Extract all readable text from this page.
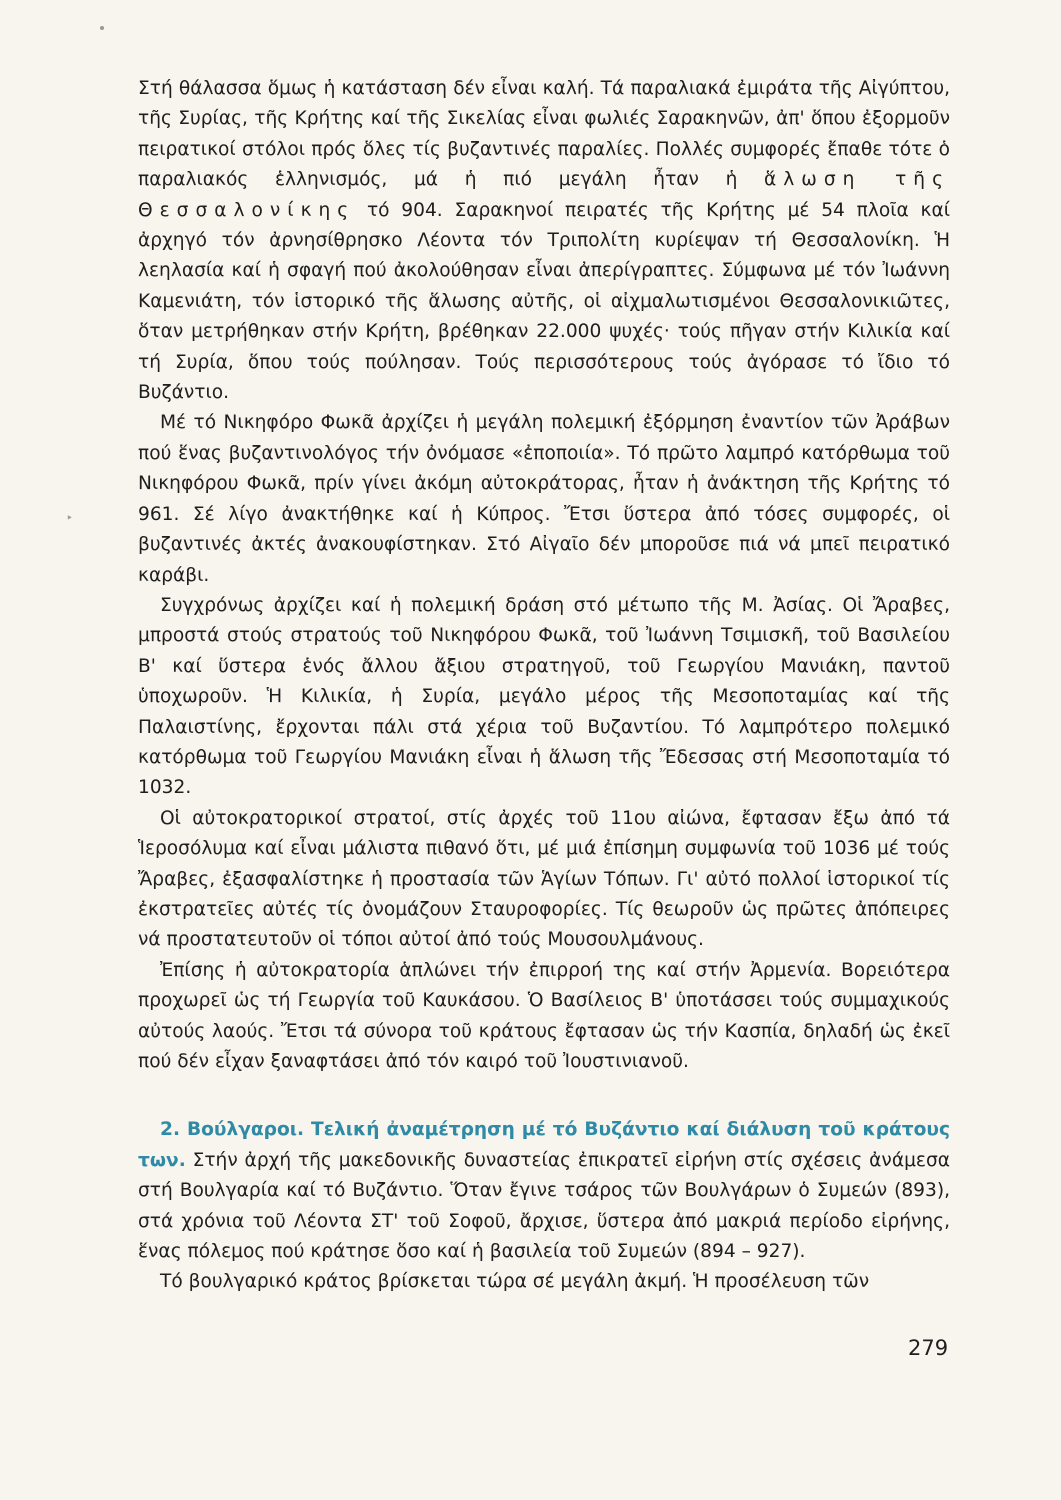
‣

Στή θάλασσα ὅμως ἡ κατάσταση δέν εἶναι καλή. Τά παραλιακά ἐμιράτα τῆς Αἰγύπτου, τῆς Συρίας, τῆς Κρήτης καί τῆς Σικελίας εἶναι φωλιές Σαρακηνῶν, ἀπ' ὅπου ἐξορμοῦν πειρατικοί στόλοι πρός ὅλες τίς βυζαντινές παραλίες. Πολλές συμφορές ἔπαθε τότε ὁ παραλιακός ἑλληνισμός, μά ἡ πιό μεγάλη ἦταν ἡ ἅλωση τῆς Θεσσαλονίκης τό 904. Σαρακηνοί πειρατές τῆς Κρήτης μέ 54 πλοῖα καί ἀρχηγό τόν ἀρνησίθρησκο Λέοντα τόν Τριπολίτη κυρίεψαν τή Θεσσαλονίκη. Ἡ λεηλασία καί ἡ σφαγή πού ἀκολούθησαν εἶναι ἀπερίγραπτες. Σύμφωνα μέ τόν Ἰωάννη Καμενιάτη, τόν ἱστορικό τῆς ἅλωσης αὐτῆς, οἱ αἰχμαλωτισμένοι Θεσσαλονικιῶτες, ὅταν μετρήθηκαν στήν Κρήτη, βρέθηκαν 22.000 ψυχές· τούς πῆγαν στήν Κιλικία καί τή Συρία, ὅπου τούς πούλησαν. Τούς περισσότερους τούς ἀγόρασε τό ἴδιο τό Βυζάντιο.

Μέ τό Νικηφόρο Φωκᾶ ἀρχίζει ἡ μεγάλη πολεμική ἐξόρμηση ἐναντίον τῶν Ἀράβων πού ἕνας βυζαντινολόγος τήν ὀνόμασε «ἐποποιία». Τό πρῶτο λαμπρό κατόρθωμα τοῦ Νικηφόρου Φωκᾶ, πρίν γίνει ἀκόμη αὐτοκράτορας, ἦταν ἡ ἀνάκτηση τῆς Κρήτης τό 961. Σέ λίγο ἀνακτήθηκε καί ἡ Κύπρος. Ἔτσι ὕστερα ἀπό τόσες συμφορές, οἱ βυζαντινές ἀκτές ἀνακουφίστηκαν. Στό Αἰγαῖο δέν μποροῦσε πιά νά μπεῖ πειρατικό καράβι.

Συγχρόνως ἀρχίζει καί ἡ πολεμική δράση στό μέτωπο τῆς Μ. Ἀσίας. Οἱ Ἄραβες, μπροστά στούς στρατούς τοῦ Νικηφόρου Φωκᾶ, τοῦ Ἰωάννη Τσιμισκῆ, τοῦ Βασιλείου Β' καί ὕστερα ἑνός ἄλλου ἄξιου στρατηγοῦ, τοῦ Γεωργίου Μανιάκη, παντοῦ ὑποχωροῦν. Ἡ Κιλικία, ἡ Συρία, μεγάλο μέρος τῆς Μεσοποταμίας καί τῆς Παλαιστίνης, ἔρχονται πάλι στά χέρια τοῦ Βυζαντίου. Τό λαμπρότερο πολεμικό κατόρθωμα τοῦ Γεωργίου Μανιάκη εἶναι ἡ ἅλωση τῆς Ἔδεσσας στή Μεσοποταμία τό 1032.

Οἱ αὐτοκρατορικοί στρατοί, στίς ἀρχές τοῦ 11ου αἰώνα, ἔφτασαν ἔξω ἀπό τά Ἱεροσόλυμα καί εἶναι μάλιστα πιθανό ὅτι, μέ μιά ἐπίσημη συμφωνία τοῦ 1036 μέ τούς Ἄραβες, ἐξασφαλίστηκε ἡ προστασία τῶν Ἁγίων Τόπων. Γι' αὐτό πολλοί ἱστορικοί τίς ἐκστρατεῖες αὐτές τίς ὀνομάζουν Σταυροφορίες. Τίς θεωροῦν ὡς πρῶτες ἀπόπειρες νά προστατευτοῦν οἱ τόποι αὐτοί ἀπό τούς Μουσουλμάνους.

Ἐπίσης ἡ αὐτοκρατορία ἁπλώνει τήν ἐπιρροή της καί στήν Ἀρμενία. Βορειότερα προχωρεῖ ὡς τή Γεωργία τοῦ Καυκάσου. Ὁ Βασίλειος Β' ὑποτάσσει τούς συμμαχικούς αὐτούς λαούς. Ἔτσι τά σύνορα τοῦ κράτους ἔφτασαν ὡς τήν Κασπία, δηλαδή ὡς ἐκεῖ πού δέν εἶχαν ξαναφτάσει ἀπό τόν καιρό τοῦ Ἰουστινιανοῦ.

2. Βούλγαροι. Τελική ἀναμέτρηση μέ τό Βυζάντιο καί διάλυση τοῦ κράτους των. Στήν ἀρχή τῆς μακεδονικῆς δυναστείας ἐπικρατεῖ εἰρήνη στίς σχέσεις ἀνάμεσα στή Βουλγαρία καί τό Βυζάντιο. Ὅταν ἔγινε τσάρος τῶν Βουλγάρων ὁ Συμεών (893), στά χρόνια τοῦ Λέοντα ΣΤ' τοῦ Σοφοῦ, ἄρχισε, ὕστερα ἀπό μακριά περίοδο εἰρήνης, ἕνας πόλεμος πού κράτησε ὅσο καί ἡ βασιλεία τοῦ Συμεών (894 – 927).

Τό βουλγαρικό κράτος βρίσκεται τώρα σέ μεγάλη ἀκμή. Ἡ προσέλευση τῶν

279
